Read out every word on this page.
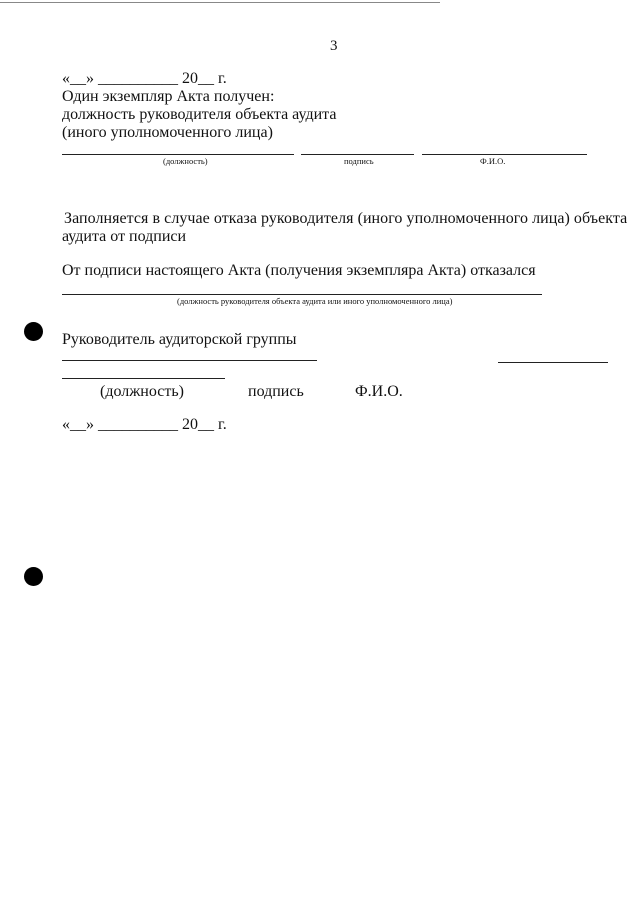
3
«__» __________ 20__ г.
Один экземпляр Акта получен:
должность руководителя объекта аудита
(иного уполномоченного лица)
(должность)	подпись	Ф.И.О.
Заполняется в случае отказа руководителя (иного уполномоченного лица) объекта
аудита от подписи
От подписи настоящего Акта (получения экземпляра Акта) отказался
(должность руководителя объекта аудита или иного уполномоченного лица)
Руководитель аудиторской группы
(должность)	подпись	Ф.И.О.
«__» __________ 20__ г.
